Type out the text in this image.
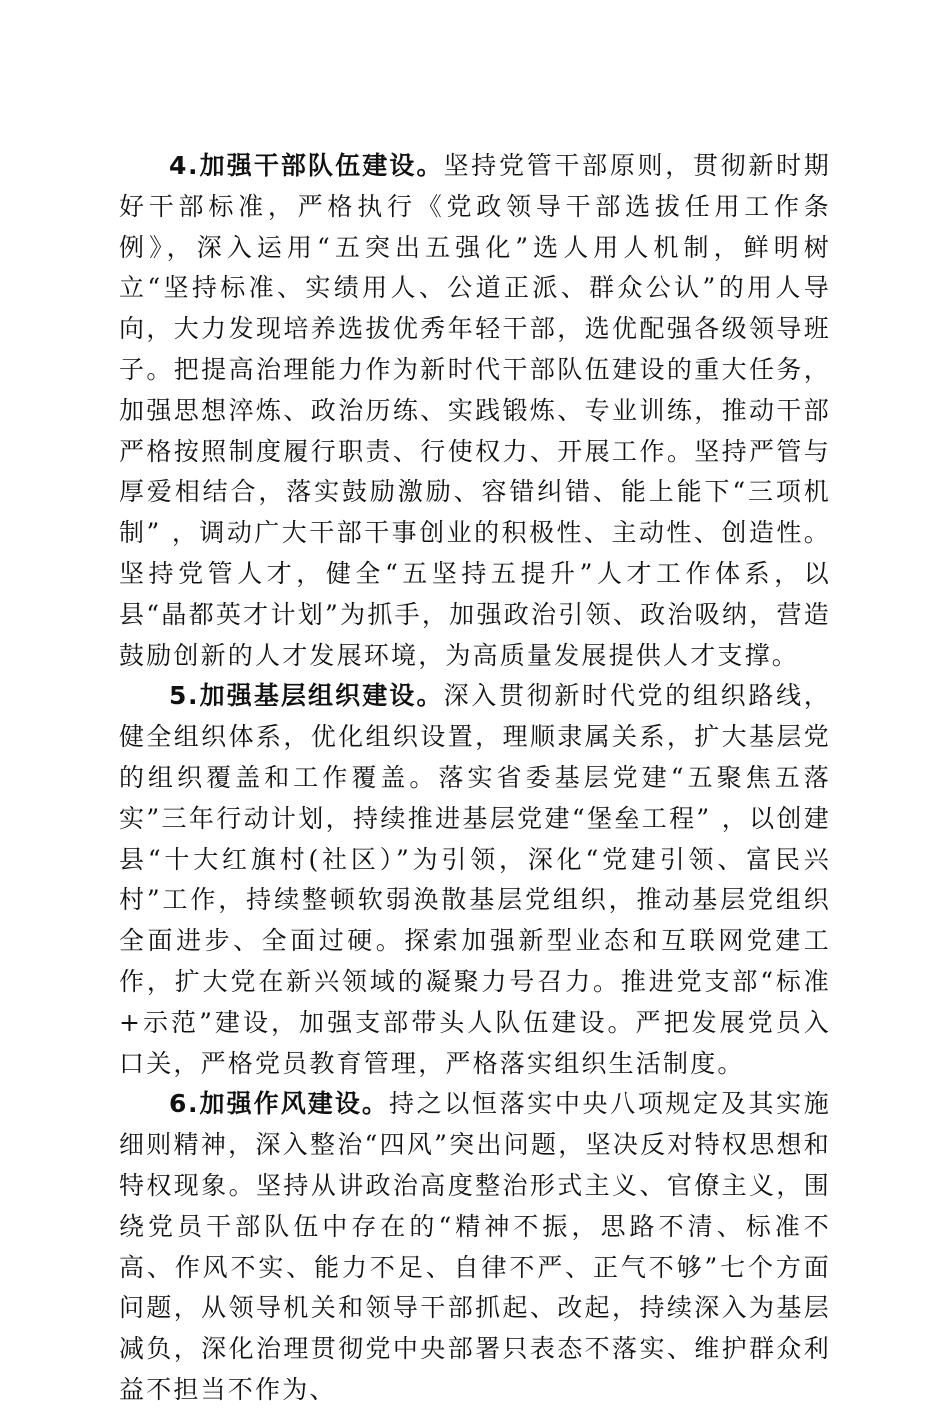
4.加强干部队伍建设。坚持党管干部原则，贯彻新时期好干部标准，严格执行《党政领导干部选拔任用工作条例》，深入运用“五突出五强化”选人用人机制，鲜明树立“坚持标准、实绩用人、公道正派、群众公认”的用人导向，大力发现培养选拔优秀年轻干部，选优配强各级领导班子。把提高治理能力作为新时代干部队伍建设的重大任务，加强思想淬炼、政治历练、实践锻炼、专业训练，推动干部严格按照制度履行职责、行使权力、开展工作。坚持严管与厚爱相结合，落实鼓励激励、容错纠错、能上能下“三项机制” ，调动广大干部干事创业的积极性、主动性、创造性。坚持党管人才，健全“五坚持五提升”人才工作体系，以县“晶都英才计划”为抓手，加强政治引领、政治吸纳，营造鼓励创新的人才发展环境，为高质量发展提供人才支撑。

5.加强基层组织建设。深入贯彻新时代党的组织路线，健全组织体系，优化组织设置，理顺隶属关系，扩大基层党的组织覆盖和工作覆盖。落实省委基层党建“五聚焦五落实”三年行动计划，持续推进基层党建“堡垒工程” ，以创建县“十大红旗村(社区）”为引领，深化“党建引领、富民兴村”工作，持续整顿软弱涣散基层党组织，推动基层党组织全面进步、全面过硬。探索加强新型业态和互联网党建工作，扩大党在新兴领域的凝聚力号召力。推进党支部“标准+示范”建设，加强支部带头人队伍建设。严把发展党员入口关，严格党员教育管理，严格落实组织生活制度。

6.加强作风建设。持之以恒落实中央八项规定及其实施细则精神，深入整治“四风”突出问题，坚决反对特权思想和特权现象。坚持从讲政治高度整治形式主义、官僚主义，围绕党员干部队伍中存在的“精神不振，思路不清、标准不高、作风不实、能力不足、自律不严、正气不够”七个方面问题，从领导机关和领导干部抓起、改起，持续深入为基层减负，深化治理贯彻党中央部署只表态不落实、维护群众利益不担当不作为、
